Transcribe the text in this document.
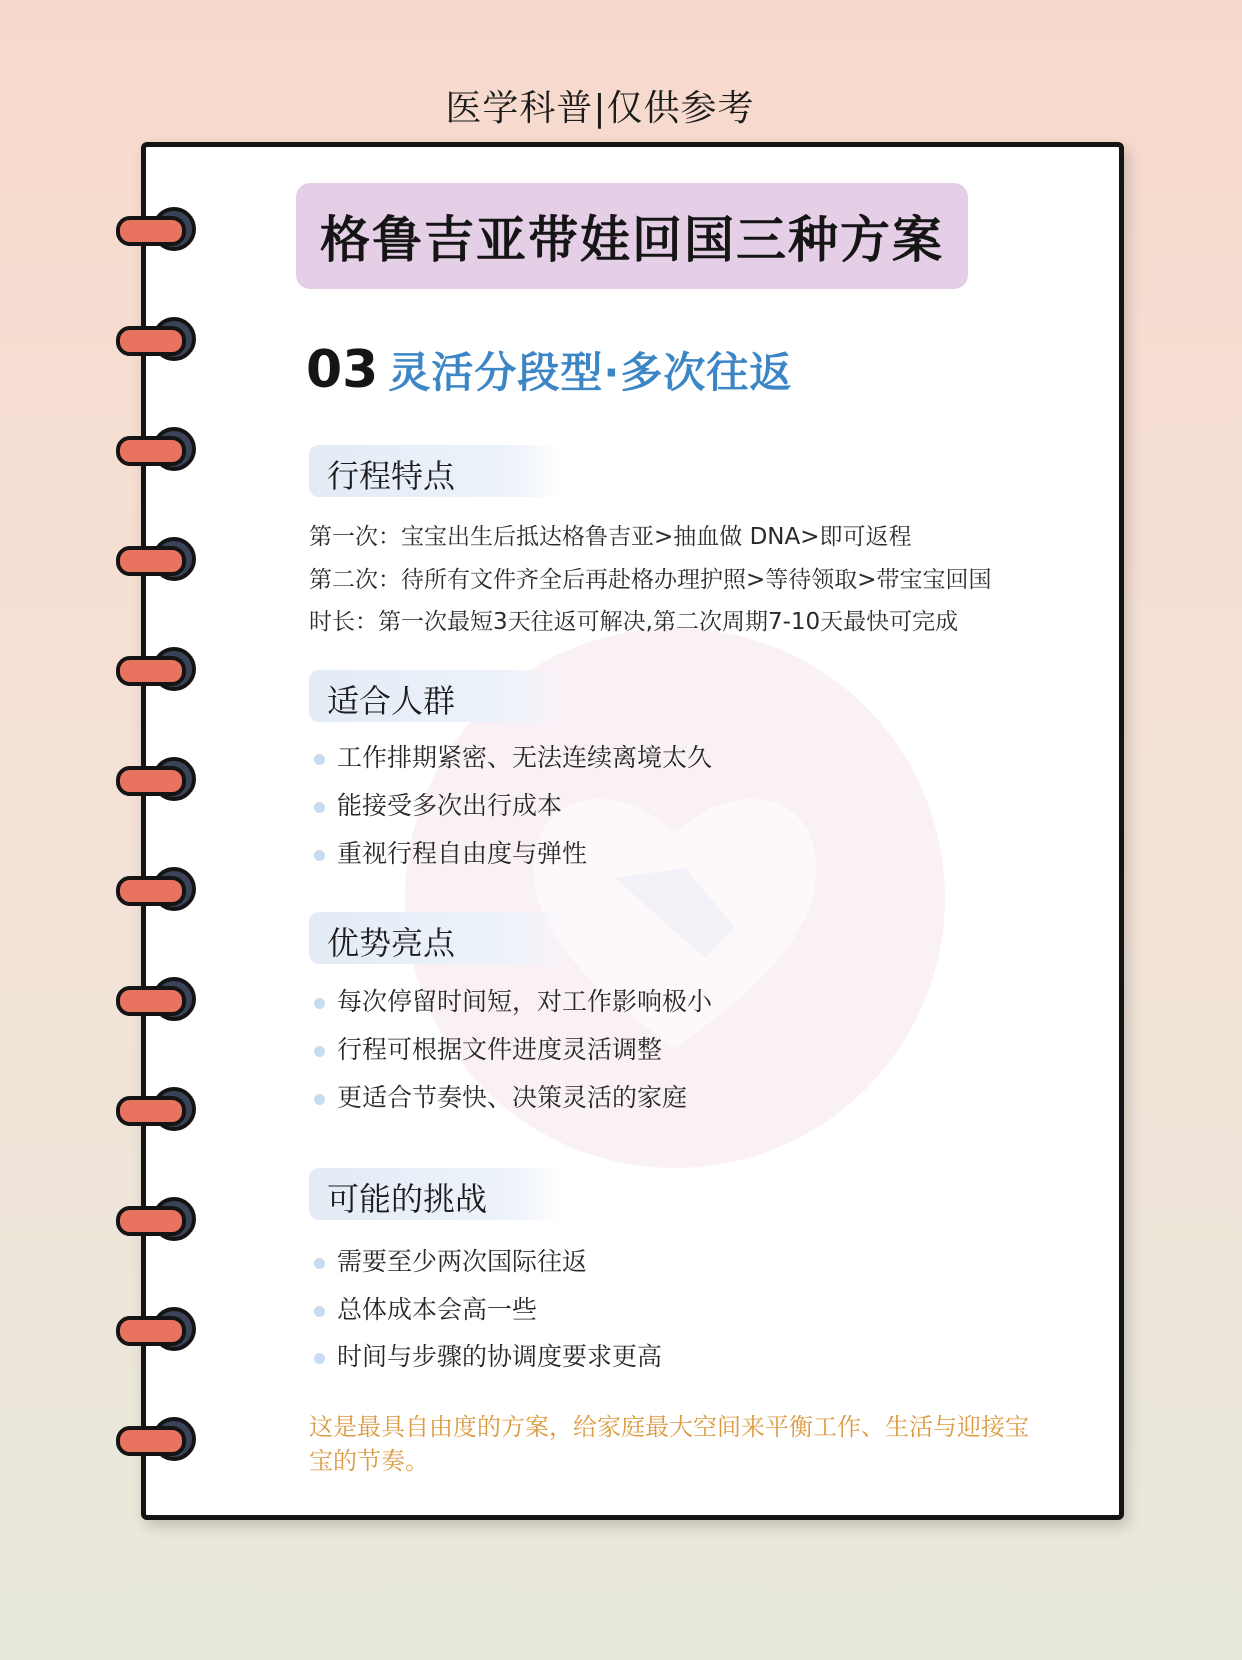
医学科普|仅供参考
格鲁吉亚带娃回国三种方案
03 灵活分段型·多次往返
行程特点
第一次：宝宝出生后抵达格鲁吉亚>抽血做 DNA>即可返程
第二次：待所有文件齐全后再赴格办理护照>等待领取>带宝宝回国
时长：第一次最短3天往返可解决,第二次周期7-10天最快可完成
适合人群
工作排期紧密、无法连续离境太久
能接受多次出行成本
重视行程自由度与弹性
优势亮点
每次停留时间短，对工作影响极小
行程可根据文件进度灵活调整
更适合节奏快、决策灵活的家庭
可能的挑战
需要至少两次国际往返
总体成本会高一些
时间与步骤的协调度要求更高
这是最具自由度的方案，给家庭最大空间来平衡工作、生活与迎接宝宝的节奏。
